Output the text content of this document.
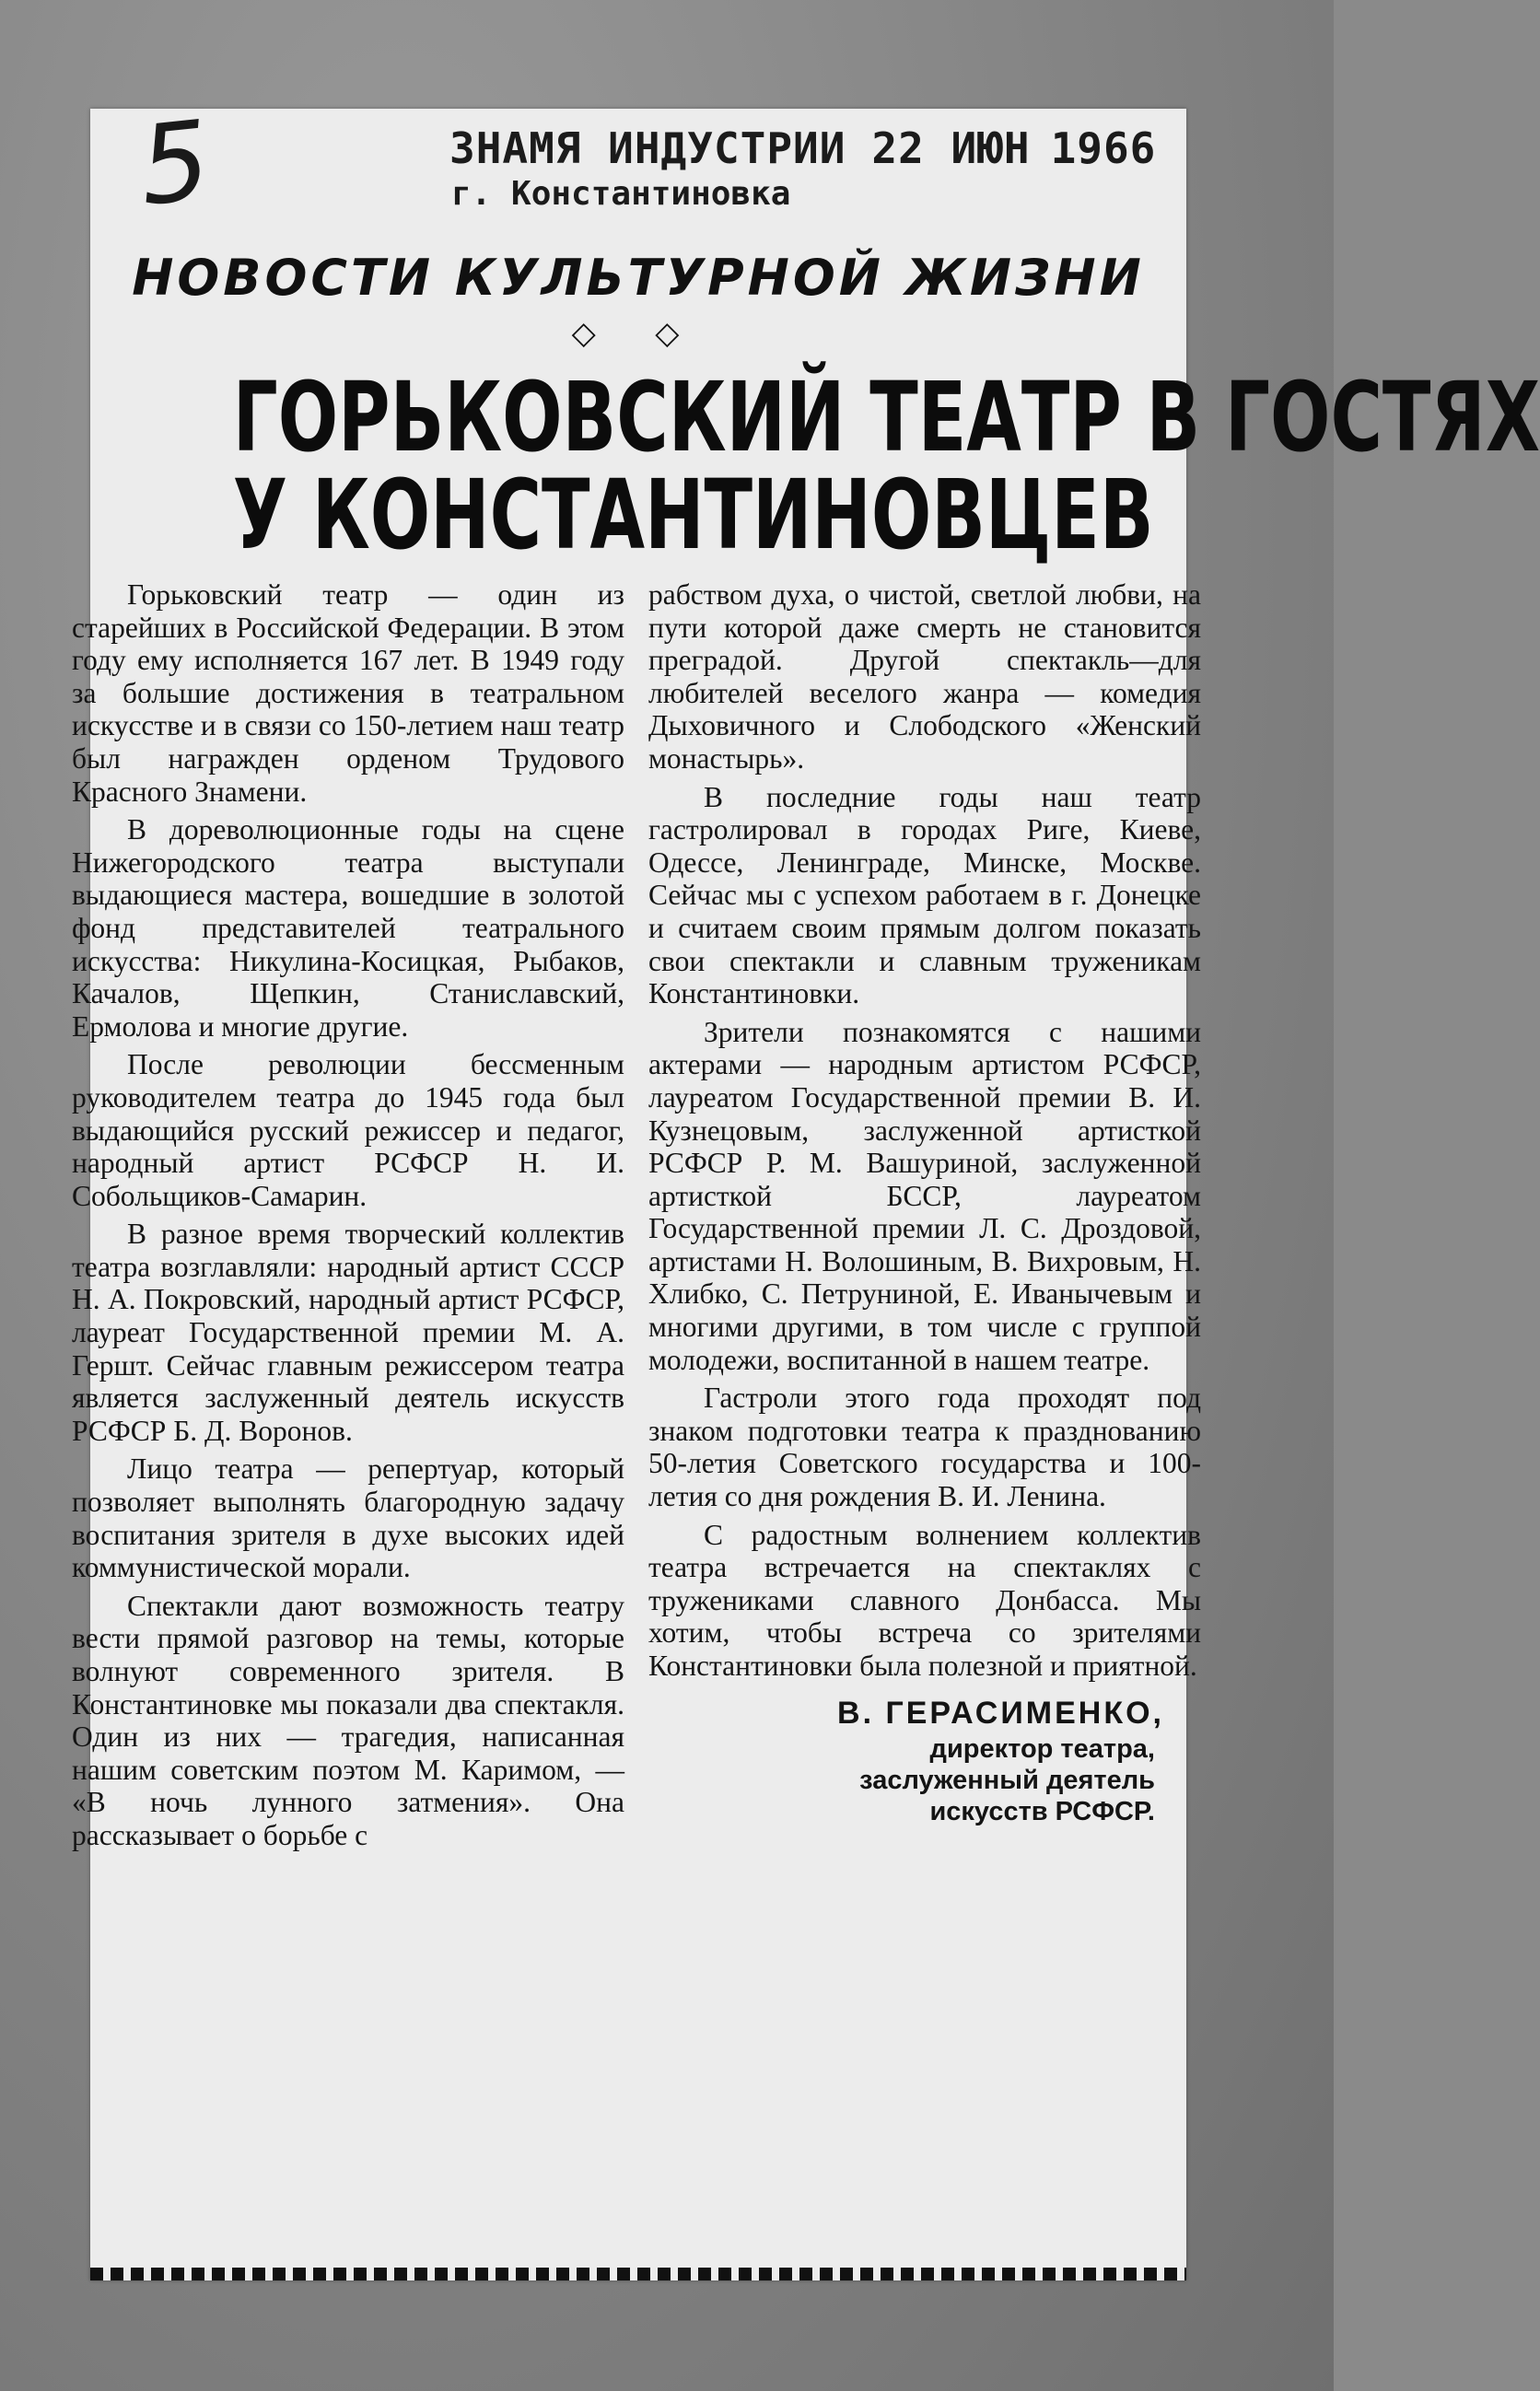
5	ЗНАМЯ ИНДУСТРИИ 22 ИЮН 1966
г. Константиновка
НОВОСТИ КУЛЬТУРНОЙ ЖИЗНИ
◇ ◇
ГОРЬКОВСКИЙ ТЕАТР В ГОСТЯХ
У КОНСТАНТИНОВЦЕВ

Горьковский театр — один из старейших в Российской Федерации. В этом году ему исполняется 167 лет. В 1949 году за большие достижения в театральном искусстве и в связи со 150-летием наш театр был награжден орденом Трудового Красного Знамени.

В дореволюционные годы на сцене Нижегородского театра выступали выдающиеся мастера, вошедшие в золотой фонд представителей театрального искусства: Никулина-Косицкая, Рыбаков, Качалов, Щепкин, Станиславский, Ермолова и многие другие.

После революции бессменным руководителем театра до 1945 года был выдающийся русский режиссер и педагог, народный артист РСФСР Н. И. Собольщиков-Самарин.

В разное время творческий коллектив театра возглавляли: народный артист СССР Н. А. Покровский, народный артист РСФСР, лауреат Государственной премии М. А. Гершт. Сейчас главным режиссером театра является заслуженный деятель искусств РСФСР Б. Д. Воронов.

Лицо театра — репертуар, который позволяет выполнять благородную задачу воспитания зрителя в духе высоких идей коммунистической морали.

Спектакли дают возможность театру вести прямой разговор на темы, которые волнуют современного зрителя. В Константиновке мы показали два спектакля. Один из них — трагедия, написанная нашим советским поэтом М. Каримом, — «В ночь лунного затмения». Она рассказывает о борьбе с

рабством духа, о чистой, светлой любви, на пути которой даже смерть не становится преградой. Другой спектакль—для любителей веселого жанра — комедия Дыховичного и Слободского «Женский монастырь».

В последние годы наш театр гастролировал в городах Риге, Киеве, Одессе, Ленинграде, Минске, Москве. Сейчас мы с успехом работаем в г. Донецке и считаем своим прямым долгом показать свои спектакли и славным труженикам Константиновки.

Зрители познакомятся с нашими актерами — народным артистом РСФСР, лауреатом Государственной премии В. И. Кузнецовым, заслуженной артисткой РСФСР Р. М. Вашуриной, заслуженной артисткой БССР, лауреатом Государственной премии Л. С. Дроздовой, артистами Н. Волошиным, В. Вихровым, Н. Хлибко, С. Петруниной, Е. Иванычевым и многими другими, в том числе с группой молодежи, воспитанной в нашем театре.

Гастроли этого года проходят под знаком подготовки театра к празднованию 50-летия Советского государства и 100-летия со дня рождения В. И. Ленина.

С радостным волнением коллектив театра встречается на спектаклях с тружениками славного Донбасса. Мы хотим, чтобы встреча со зрителями Константиновки была полезной и приятной.

В. ГЕРАСИМЕНКО,
директор театра,
заслуженный деятель
искусств РСФСР.
